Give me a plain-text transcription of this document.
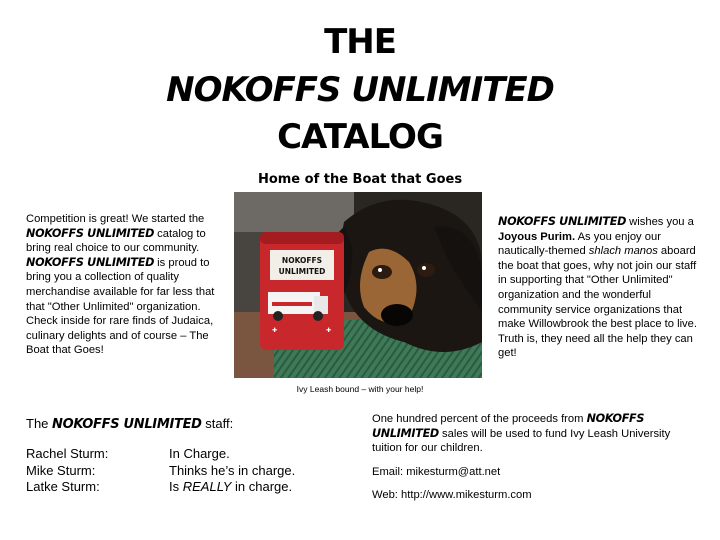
THE
NOKOFFS UNLIMITED
CATALOG
Home of the Boat that Goes
Competition is great! We started the NOKOFFS UNLIMITED catalog to bring real choice to our community. NOKOFFS UNLIMITED is proud to bring you a collection of quality merchandise available for far less that that "Other Unlimited" organization. Check inside for rare finds of Judaica, culinary delights and of course – The Boat that Goes!
NOKOFFS
UNLIMITED
✚	✚
Ivy Leash bound – with your help!
NOKOFFS UNLIMITED wishes you a Joyous Purim. As you enjoy our nautically-themed shlach manos aboard the boat that goes, why not join our staff in supporting that "Other Unlimited" organization and the wonderful community service organizations that make Willowbrook the best place to live. Truth is, they need all the help they can get!
The NOKOFFS UNLIMITED staff:
Rachel Sturm:	In Charge.
Mike Sturm:	Thinks he’s in charge.
Latke Sturm:	Is REALLY in charge.

One hundred percent of the proceeds from NOKOFFS UNLIMITED sales will be used to fund Ivy Leash University tuition for our children.

Email: mikesturm@att.net

Web: http://www.mikesturm.com
